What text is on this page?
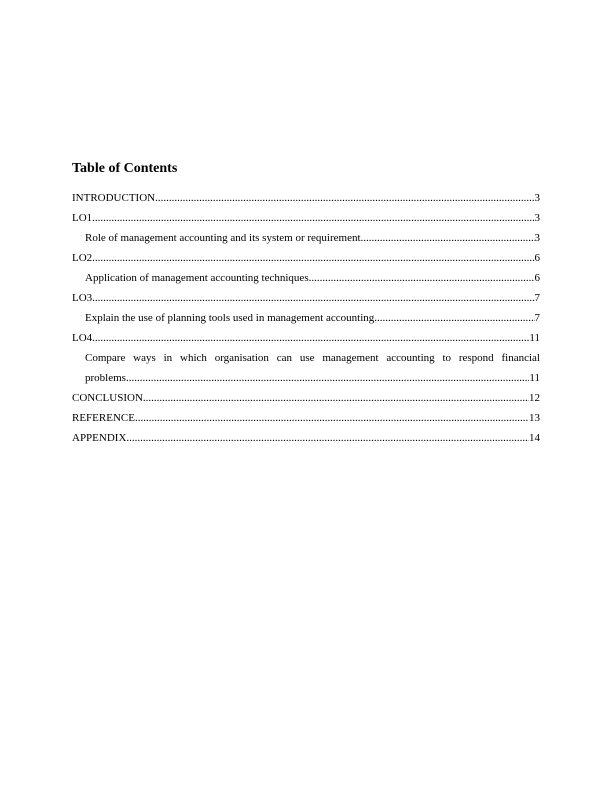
Table of Contents
INTRODUCTION .....	3
LO1 .....	3
Role of management accounting and its system or requirement .....	3
LO2 .....	6
Application of management accounting techniques .....	6
LO3 .....	7
Explain the use of planning tools used in management accounting .....	7
LO4 .....	11
Compare ways in which organisation can use management accounting to respond financial
problems .....	11
CONCLUSION .....	12
REFERENCE .....	13
APPENDIX .....	14
